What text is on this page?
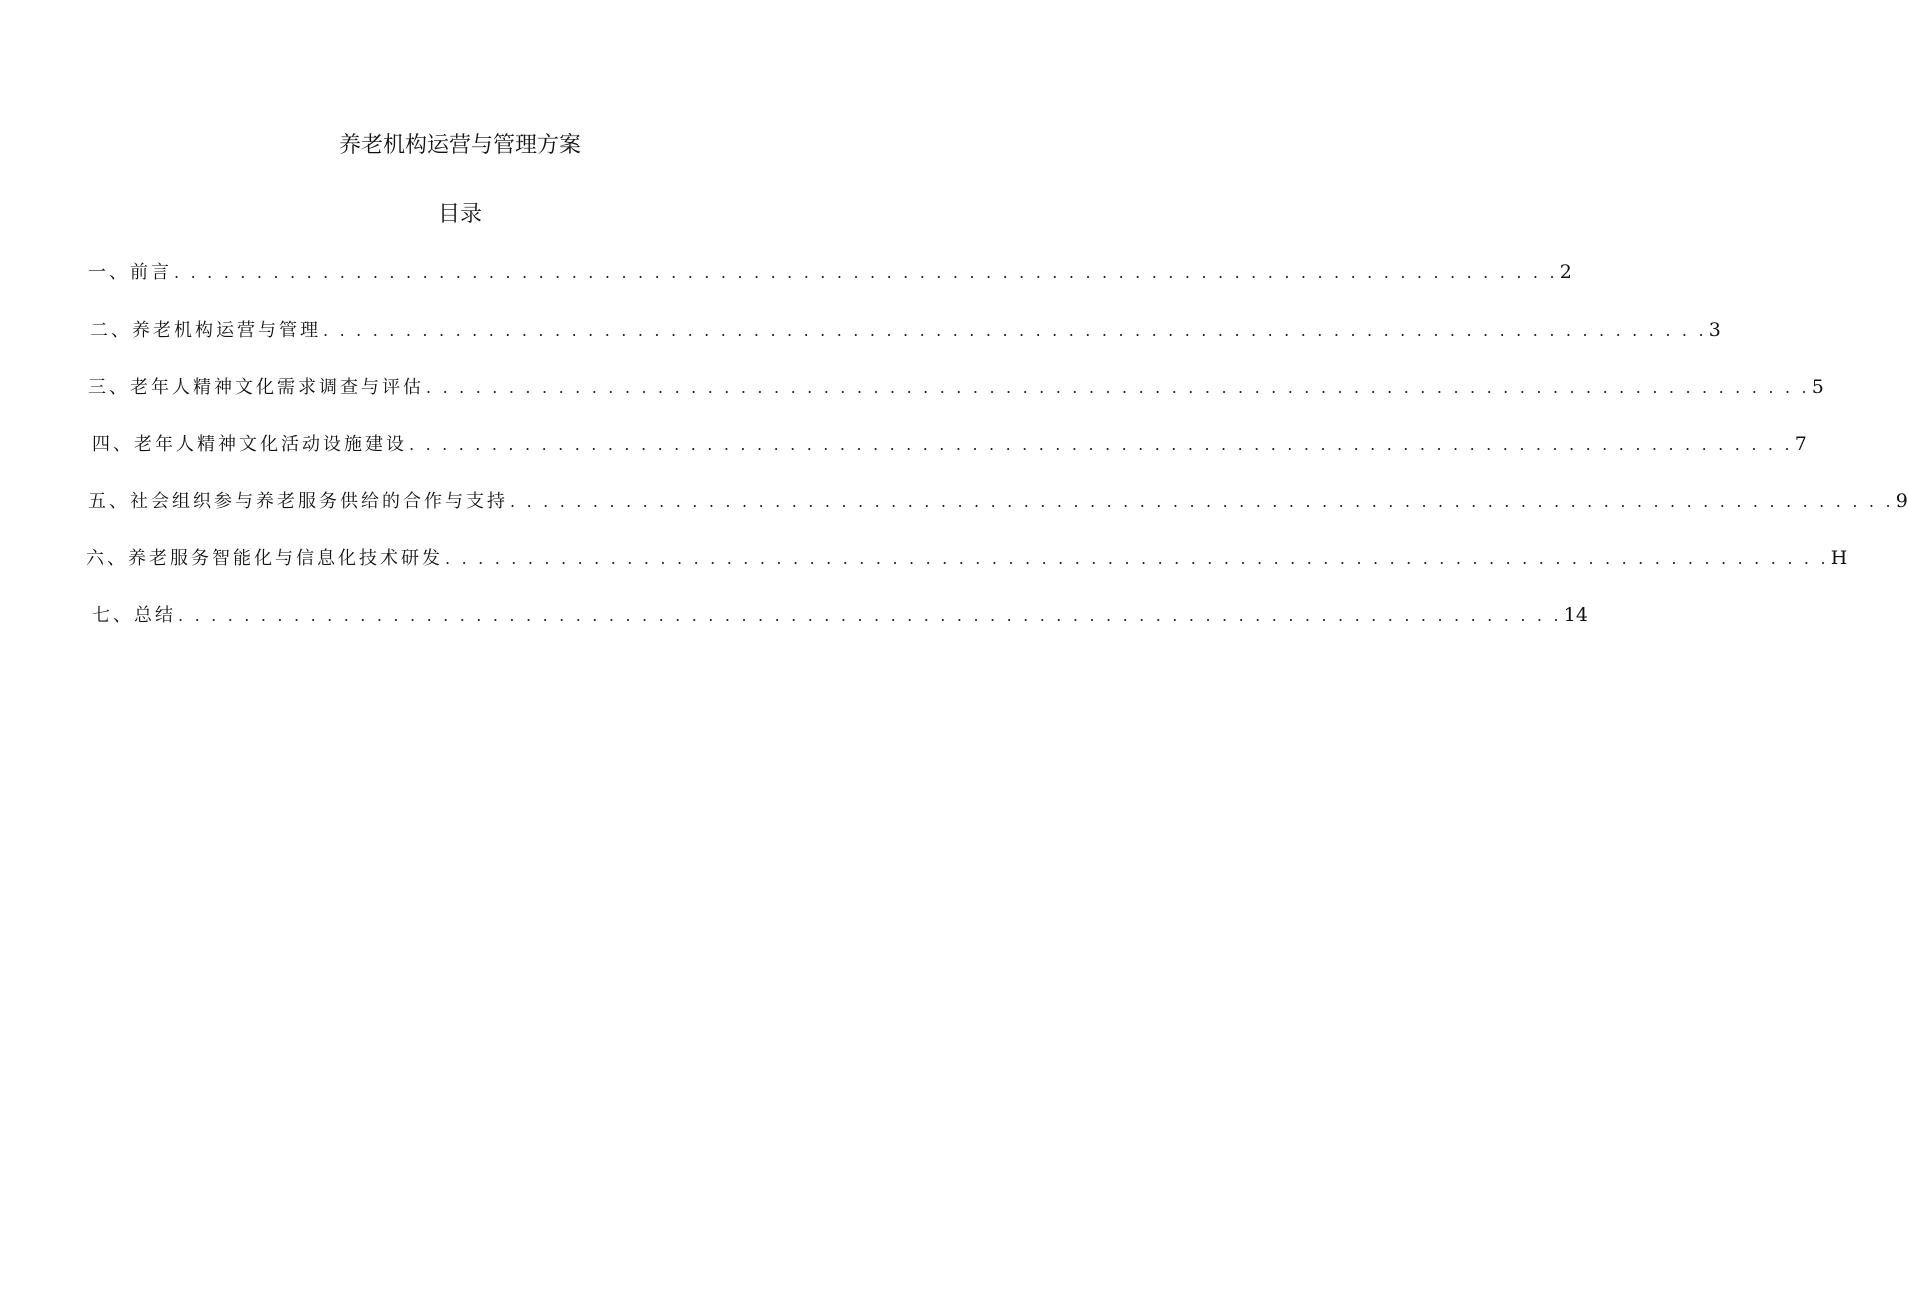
养老机构运营与管理方案
目录
一、 前言 . . . . . . . . . . . . . . . . . . . . . . . . . . . . . . . . . . . . . . . . . . . . . . . . . . . . . . . . . . . . . . . . . . . . . . . . . . . . . . . . . . . . 2
二、 养老机构运营与管理 . . . . . . . . . . . . . . . . . . . . . . . . . . . . . . . . . . . . . . . . . . . . . . . . . . . . . . . . . . . . . . . . . . . . . . . . . . . . . . . . . . . . 3
三、 老年人精神文化需求调查与评估 . . . . . . . . . . . . . . . . . . . . . . . . . . . . . . . . . . . . . . . . . . . . . . . . . . . . . . . . . . . . . . . . . . . . . . . . . . . . . . . . . . . . 5
四、 老年人精神文化活动设施建设 . . . . . . . . . . . . . . . . . . . . . . . . . . . . . . . . . . . . . . . . . . . . . . . . . . . . . . . . . . . . . . . . . . . . . . . . . . . . . . . . . . . . 7
五、 社会组织参与养老服务供给的合作与支持 . . . . . . . . . . . . . . . . . . . . . . . . . . . . . . . . . . . . . . . . . . . . . . . . . . . . . . . . . . . . . . . . . . . . . . . . . . . . . . . . . . . . 9
六、 养老服务智能化与信息化技术研发 . . . . . . . . . . . . . . . . . . . . . . . . . . . . . . . . . . . . . . . . . . . . . . . . . . . . . . . . . . . . . . . . . . . . . . . . . . . . . . . . . . . . H
七、 总结 . . . . . . . . . . . . . . . . . . . . . . . . . . . . . . . . . . . . . . . . . . . . . . . . . . . . . . . . . . . . . . . . . . . . . . . . . . . . . . . . . . . . 14
